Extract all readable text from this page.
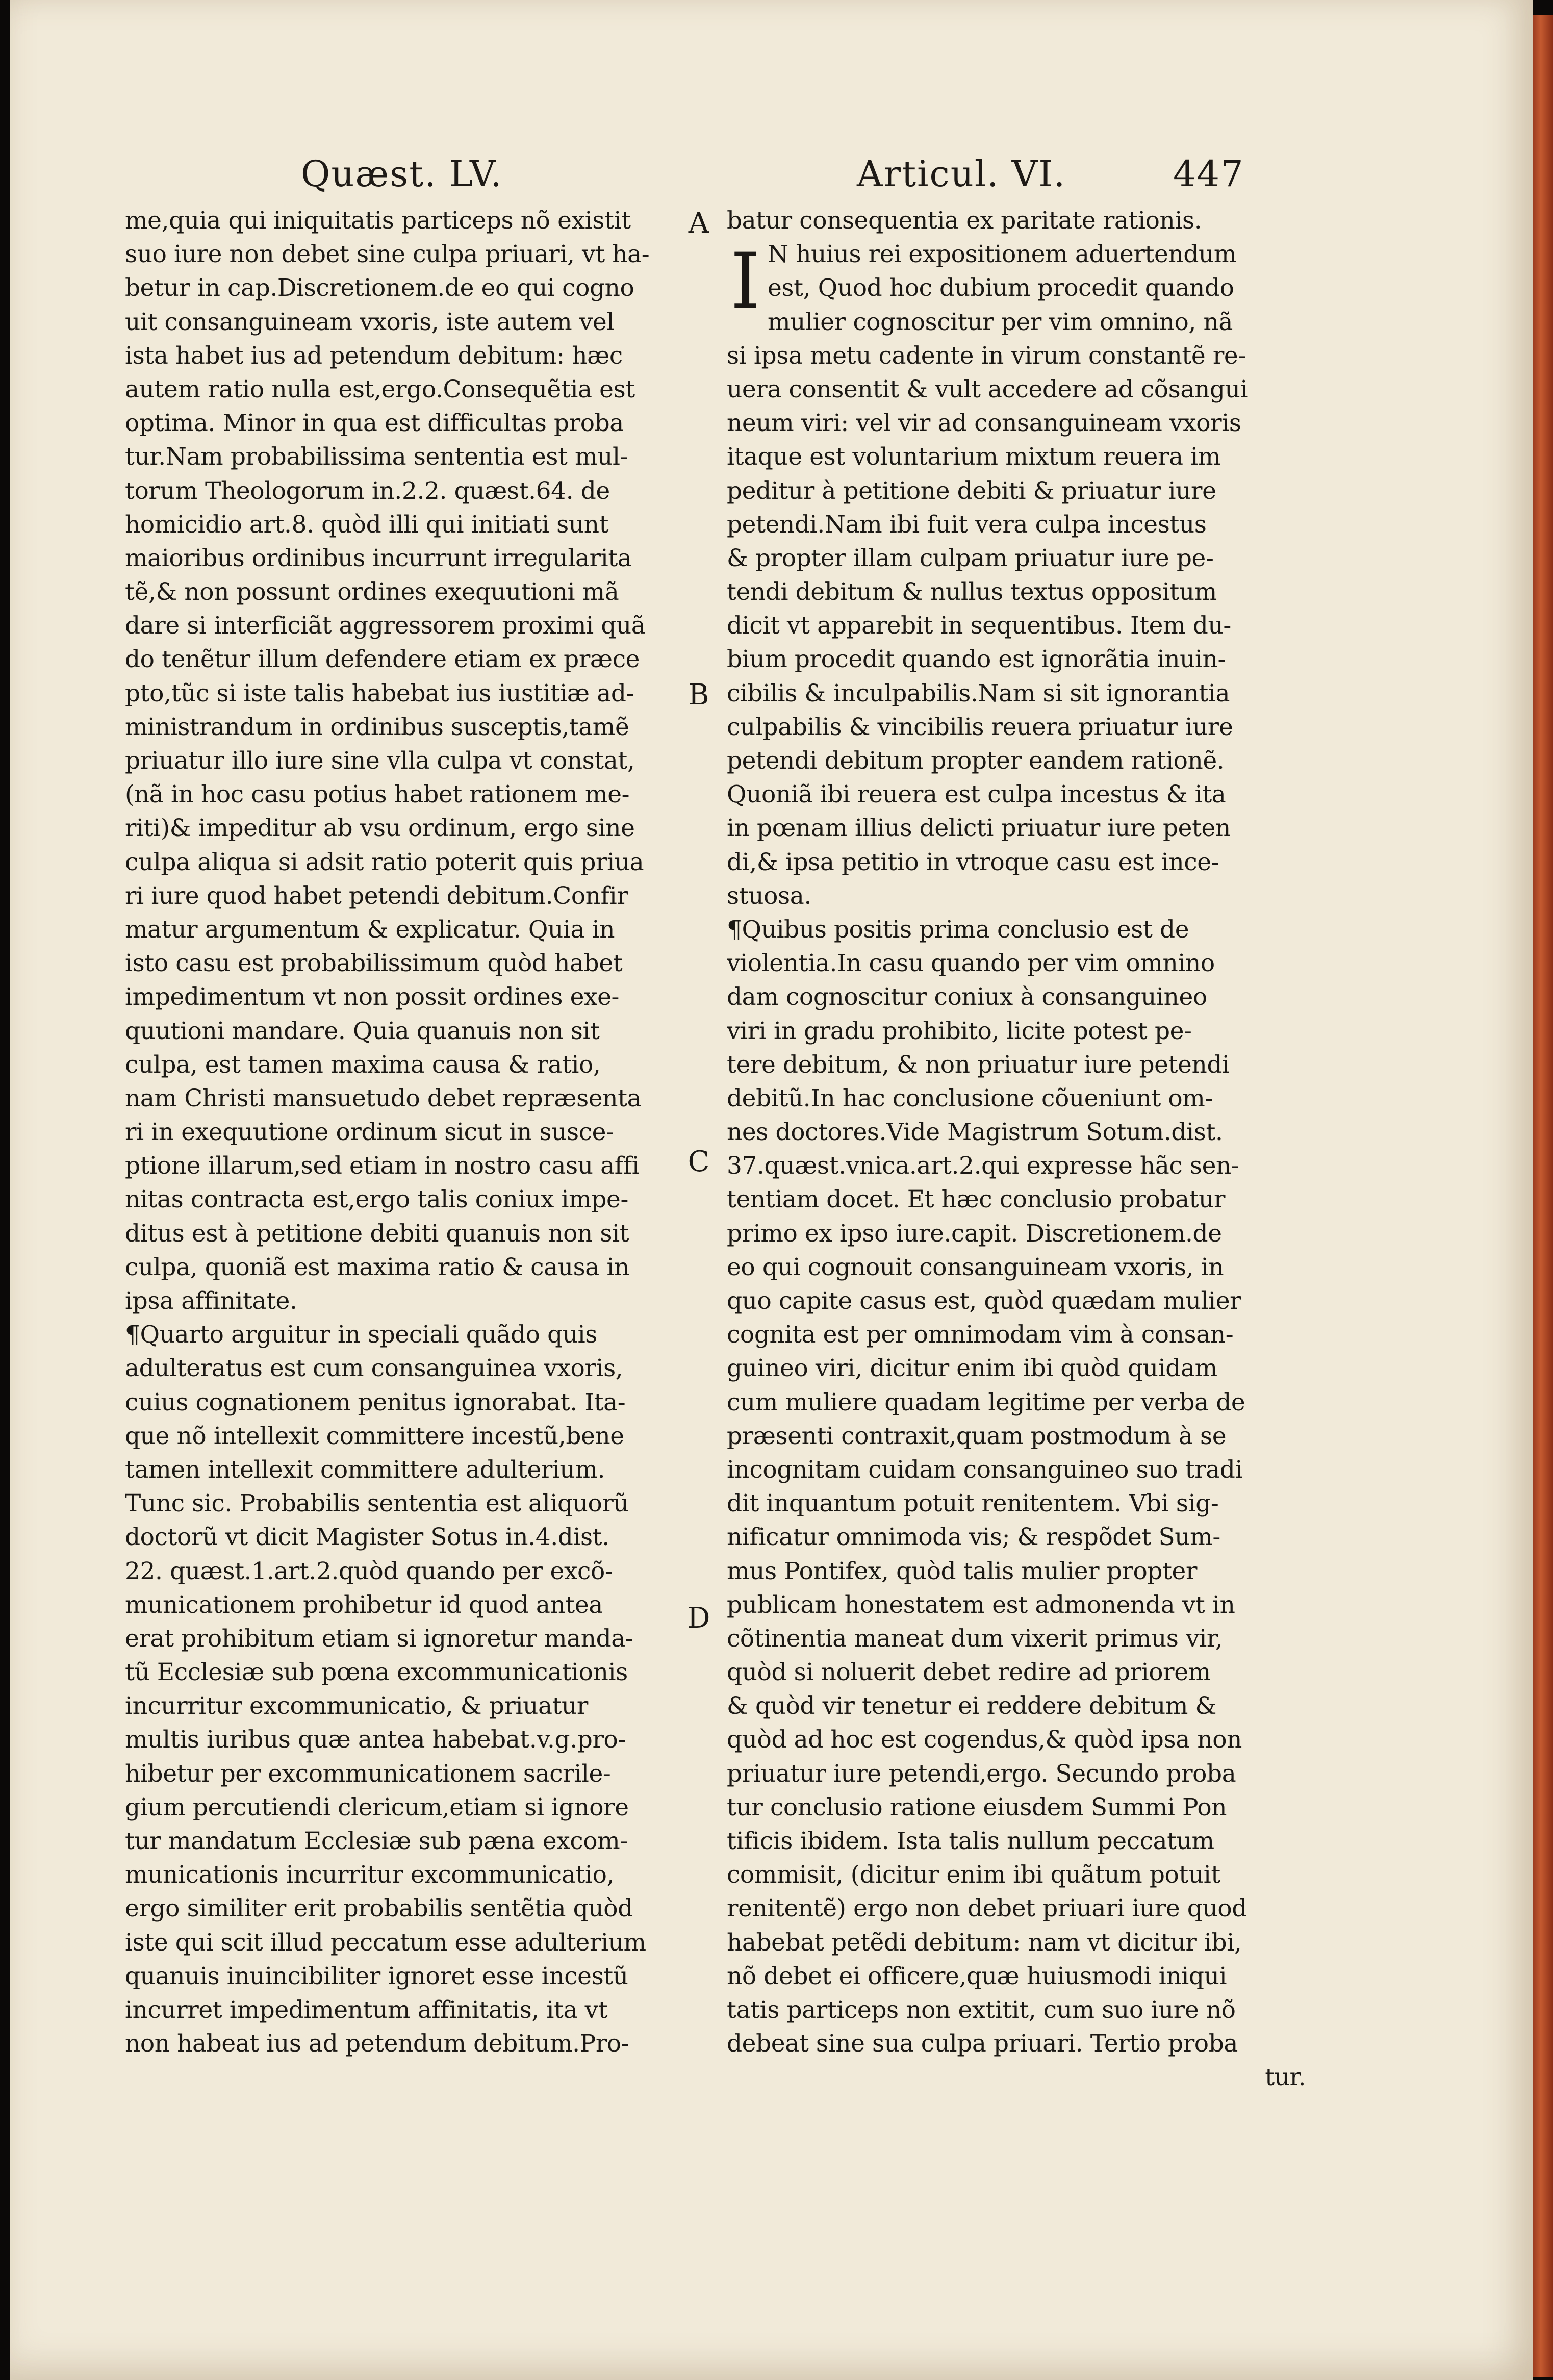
Quæst. LV.	Articul. VI.	447
A
B
C
D
I
me,quia qui iniquitatis particeps nõ existit
suo iure non debet sine culpa priuari, vt ha-
betur in cap.Discretionem.de eo qui cogno
uit consanguineam vxoris, iste autem vel
ista habet ius ad petendum debitum: hæc
autem ratio nulla est,ergo.Consequẽtia est
optima. Minor in qua est difficultas proba
tur.Nam probabilissima sententia est mul-
torum Theologorum in.2.2. quæst.64. de
homicidio art.8. quòd illi qui initiati sunt
maioribus ordinibus incurrunt irregularita
tẽ,& non possunt ordines exequutioni mã
dare si interficiãt aggressorem proximi quã
do tenẽtur illum defendere etiam ex præce
pto,tũc si iste talis habebat ius iustitiæ ad-
ministrandum in ordinibus susceptis,tamẽ
priuatur illo iure sine vlla culpa vt constat,
(nã in hoc casu potius habet rationem me-
riti)& impeditur ab vsu ordinum, ergo sine
culpa aliqua si adsit ratio poterit quis priua
ri iure quod habet petendi debitum.Confir
matur argumentum & explicatur. Quia in
isto casu est probabilissimum quòd habet
impedimentum vt non possit ordines exe-
quutioni mandare. Quia quanuis non sit
culpa, est tamen maxima causa & ratio,
nam Christi mansuetudo debet repræsenta
ri in exequutione ordinum sicut in susce-
ptione illarum,sed etiam in nostro casu affi
nitas contracta est,ergo talis coniux impe-
ditus est à petitione debiti quanuis non sit
culpa, quoniã est maxima ratio & causa in
ipsa affinitate.
¶Quarto arguitur in speciali quãdo quis
adulteratus est cum consanguinea vxoris,
cuius cognationem penitus ignorabat. Ita-
que nõ intellexit committere incestũ,bene
tamen intellexit committere adulterium.
Tunc sic. Probabilis sententia est aliquorũ
doctorũ vt dicit Magister Sotus in.4.dist.
22. quæst.1.art.2.quòd quando per excõ-
municationem prohibetur id quod antea
erat prohibitum etiam si ignoretur manda-
tũ Ecclesiæ sub pœna excommunicationis
incurritur excommunicatio, & priuatur
multis iuribus quæ antea habebat.v.g.pro-
hibetur per excommunicationem sacrile-
gium percutiendi clericum,etiam si ignore
tur mandatum Ecclesiæ sub pæna excom-
municationis incurritur excommunicatio,
ergo similiter erit probabilis sentẽtia quòd
iste qui scit illud peccatum esse adulterium
quanuis inuincibiliter ignoret esse incestũ
incurret impedimentum affinitatis, ita vt
non habeat ius ad petendum debitum.Pro-
batur consequentia ex paritate rationis.
N huius rei expositionem aduertendum
est, Quod hoc dubium procedit quando
mulier cognoscitur per vim omnino, nã
si ipsa metu cadente in virum constantẽ re-
uera consentit & vult accedere ad cõsangui
neum viri: vel vir ad consanguineam vxoris
itaque est voluntarium mixtum reuera im
peditur à petitione debiti & priuatur iure
petendi.Nam ibi fuit vera culpa incestus
& propter illam culpam priuatur iure pe-
tendi debitum & nullus textus oppositum
dicit vt apparebit in sequentibus. Item du-
bium procedit quando est ignorãtia inuin-
cibilis & inculpabilis.Nam si sit ignorantia
culpabilis & vincibilis reuera priuatur iure
petendi debitum propter eandem rationẽ.
Quoniã ibi reuera est culpa incestus & ita
in pœnam illius delicti priuatur iure peten
di,& ipsa petitio in vtroque casu est ince-
stuosa.
¶Quibus positis prima conclusio est de
violentia.In casu quando per vim omnino
dam cognoscitur coniux à consanguineo
viri in gradu prohibito, licite potest pe-
tere debitum, & non priuatur iure petendi
debitũ.In hac conclusione cõueniunt om-
nes doctores.Vide Magistrum Sotum.dist.
37.quæst.vnica.art.2.qui expresse hãc sen-
tentiam docet. Et hæc conclusio probatur
primo ex ipso iure.capit. Discretionem.de
eo qui cognouit consanguineam vxoris, in
quo capite casus est, quòd quædam mulier
cognita est per omnimodam vim à consan-
guineo viri, dicitur enim ibi quòd quidam
cum muliere quadam legitime per verba de
præsenti contraxit,quam postmodum à se
incognitam cuidam consanguineo suo tradi
dit inquantum potuit renitentem. Vbi sig-
nificatur omnimoda vis; & respõdet Sum-
mus Pontifex, quòd talis mulier propter
publicam honestatem est admonenda vt in
cõtinentia maneat dum vixerit primus vir,
quòd si noluerit debet redire ad priorem
& quòd vir tenetur ei reddere debitum &
quòd ad hoc est cogendus,& quòd ipsa non
priuatur iure petendi,ergo. Secundo proba
tur conclusio ratione eiusdem Summi Pon
tificis ibidem. Ista talis nullum peccatum
commisit, (dicitur enim ibi quãtum potuit
renitentẽ) ergo non debet priuari iure quod
habebat petẽdi debitum: nam vt dicitur ibi,
nõ debet ei officere,quæ huiusmodi iniqui
tatis particeps non extitit, cum suo iure nõ
debeat sine sua culpa priuari. Tertio proba
tur.
